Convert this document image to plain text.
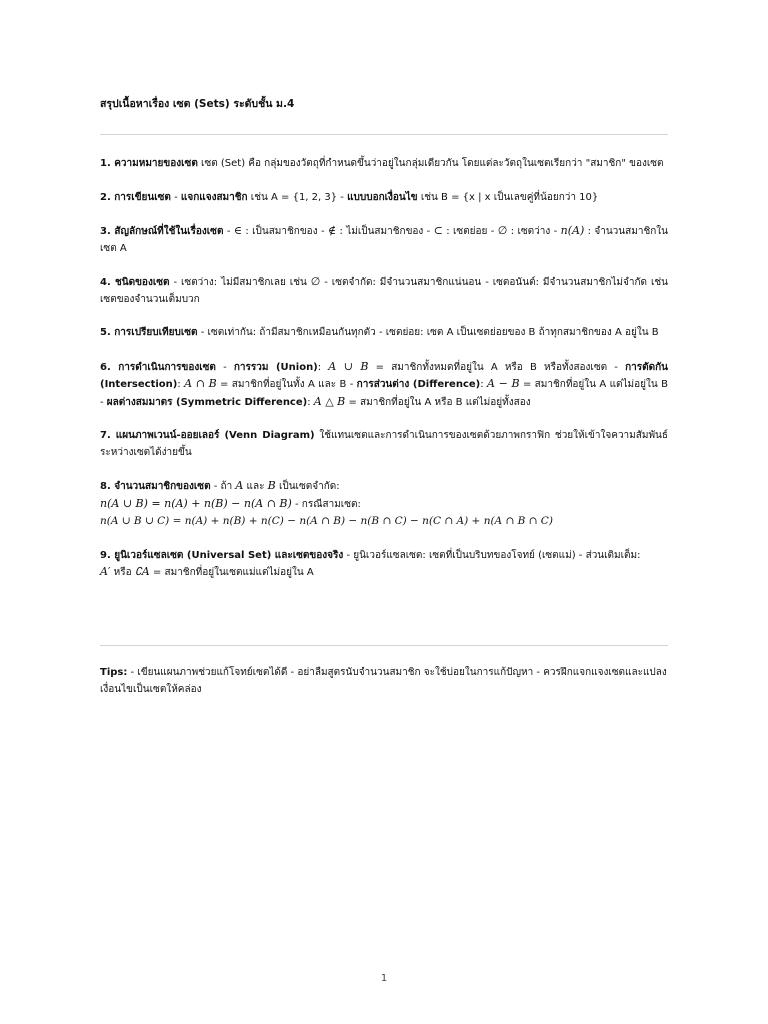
สรุปเนื้อหาเรื่อง เซต (Sets) ระดับชั้น ม.4

1. ความหมายของเซต เซต (Set) คือ กลุ่มของวัตถุที่กำหนดขึ้นว่าอยู่ในกลุ่มเดียวกัน โดยแต่ละวัตถุในเซตเรียกว่า "สมาชิก" ของเซต

2. การเขียนเซต - แจกแจงสมาชิก เช่น A = {1, 2, 3} - แบบบอกเงื่อนไข เช่น B = {x | x เป็นเลขคู่ที่น้อยกว่า 10}

3. สัญลักษณ์ที่ใช้ในเรื่องเซต - ∈ : เป็นสมาชิกของ - ∉ : ไม่เป็นสมาชิกของ - ⊂ : เซตย่อย - ∅ : เซตว่าง - n(A) : จำนวนสมาชิกในเซต A

4. ชนิดของเซต - เซตว่าง: ไม่มีสมาชิกเลย เช่น ∅ - เซตจำกัด: มีจำนวนสมาชิกแน่นอน - เซตอนันต์: มีจำนวนสมาชิกไม่จำกัด เช่น เซตของจำนวนเต็มบวก

5. การเปรียบเทียบเซต - เซตเท่ากัน: ถ้ามีสมาชิกเหมือนกันทุกตัว - เซตย่อย: เซต A เป็นเซตย่อยของ B ถ้าทุกสมาชิกของ A อยู่ใน B

6. การดำเนินการของเซต - การรวม (Union): A ∪ B = สมาชิกทั้งหมดที่อยู่ใน A หรือ B หรือทั้งสองเซต - การตัดกัน (Intersection): A ∩ B = สมาชิกที่อยู่ในทั้ง A และ B - การส่วนต่าง (Difference): A − B = สมาชิกที่อยู่ใน A แต่ไม่อยู่ใน B - ผลต่างสมมาตร (Symmetric Difference): A △ B = สมาชิกที่อยู่ใน A หรือ B แต่ไม่อยู่ทั้งสอง

7. แผนภาพเวนน์-ออยเลอร์ (Venn Diagram) ใช้แทนเซตและการดำเนินการของเซตด้วยภาพกราฟิก ช่วยให้เข้าใจความสัมพันธ์ระหว่างเซตได้ง่ายขึ้น

8. จำนวนสมาชิกของเซต - ถ้า A และ B เป็นเซตจำกัด:
n(A ∪ B) = n(A) + n(B) − n(A ∩ B) - กรณีสามเซต:
n(A ∪ B ∪ C) = n(A) + n(B) + n(C) − n(A ∩ B) − n(B ∩ C) − n(C ∩ A) + n(A ∩ B ∩ C)

9. ยูนิเวอร์แซลเซต (Universal Set) และเซตของจริง - ยูนิเวอร์แซลเซต: เซตที่เป็นบริบทของโจทย์ (เซตแม่) - ส่วนเติมเต็ม:
A′ หรือ ∁A = สมาชิกที่อยู่ในเซตแม่แต่ไม่อยู่ใน A

Tips: - เขียนแผนภาพช่วยแก้โจทย์เซตได้ดี - อย่าลืมสูตรนับจำนวนสมาชิก จะใช้บ่อยในการแก้ปัญหา - ควรฝึกแจกแจงเซตและแปลงเงื่อนไขเป็นเซตให้คล่อง

1
